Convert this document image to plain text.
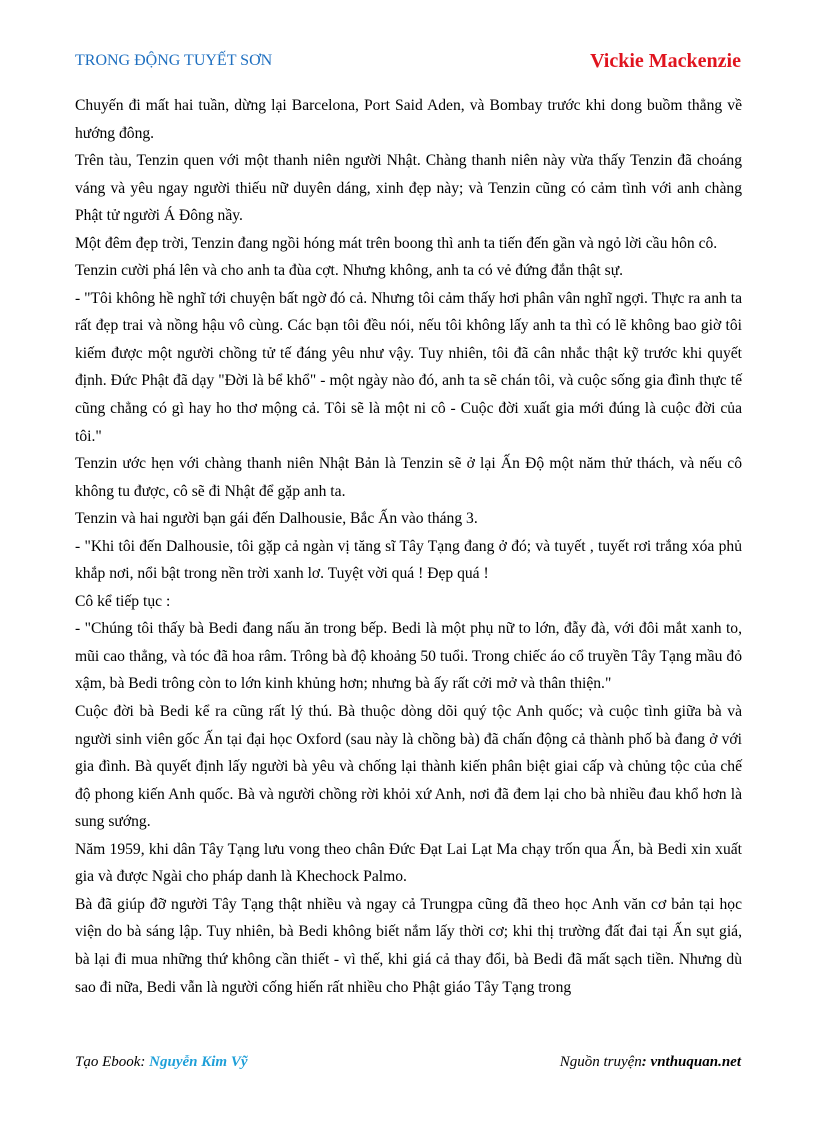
TRONG ĐỘNG TUYẾT SƠN	Vickie Mackenzie

Chuyến đi mất hai tuần, dừng lại Barcelona, Port Said Aden, và Bombay trước khi dong buồm thẳng về hướng đông.

Trên tàu, Tenzin quen với một thanh niên người Nhật. Chàng thanh niên này vừa thấy Tenzin đã choáng váng và yêu ngay người thiếu nữ duyên dáng, xinh đẹp này; và Tenzin cũng có cảm tình với anh chàng Phật tử người Á Đông nầy.

Một đêm đẹp trời, Tenzin đang ngồi hóng mát trên boong thì anh ta tiến đến gần và ngỏ lời cầu hôn cô.

Tenzin cười phá lên và cho anh ta đùa cợt. Nhưng không, anh ta có vẻ đứng đắn thật sự.

- "Tôi không hề nghĩ tới chuyện bất ngờ đó cả. Nhưng tôi cảm thấy hơi phân vân nghĩ ngợi. Thực ra anh ta rất đẹp trai và nồng hậu vô cùng. Các bạn tôi đều nói, nếu tôi không lấy anh ta thì có lẽ không bao giờ tôi kiếm được một người chồng tử tế đáng yêu như vậy. Tuy nhiên, tôi đã cân nhắc thật kỹ trước khi quyết định. Đức Phật đã dạy "Đời là bể khổ" - một ngày nào đó, anh ta sẽ chán tôi, và cuộc sống gia đình thực tế cũng chẳng có gì hay ho thơ mộng cả. Tôi sẽ là một ni cô - Cuộc đời xuất gia mới đúng là cuộc đời của tôi."

Tenzin ước hẹn với chàng thanh niên Nhật Bản là Tenzin sẽ ở lại Ấn Độ một năm thử thách, và nếu cô không tu được, cô sẽ đi Nhật để gặp anh ta.

Tenzin và hai người bạn gái đến Dalhousie, Bắc Ấn vào tháng 3.

- "Khi tôi đến Dalhousie, tôi gặp cả ngàn vị tăng sĩ Tây Tạng đang ở đó; và tuyết , tuyết rơi trắng xóa phủ khắp nơi, nổi bật trong nền trời xanh lơ. Tuyệt vời quá ! Đẹp quá !

Cô kể tiếp tục :

- "Chúng tôi thấy bà Bedi đang nấu ăn trong bếp. Bedi là một phụ nữ to lớn, đẫy đà, với đôi mắt xanh to, mũi cao thẳng, và tóc đã hoa râm. Trông bà độ khoảng 50 tuổi. Trong chiếc áo cổ truyền Tây Tạng mầu đỏ xậm, bà Bedi trông còn to lớn kinh khủng hơn; nhưng bà ấy rất cởi mở và thân thiện."

Cuộc đời bà Bedi kể ra cũng rất lý thú. Bà thuộc dòng dõi quý tộc Anh quốc; và cuộc tình giữa bà và người sinh viên gốc Ấn tại đại học Oxford (sau này là chồng bà) đã chấn động cả thành phố bà đang ở với gia đình. Bà quyết định lấy người bà yêu và chống lại thành kiến phân biệt giai cấp và chủng tộc của chế độ phong kiến Anh quốc. Bà và người chồng rời khỏi xứ Anh, nơi đã đem lại cho bà nhiều đau khổ hơn là sung sướng.

Năm 1959, khi dân Tây Tạng lưu vong theo chân Đức Đạt Lai Lạt Ma chạy trốn qua Ấn, bà Bedi xin xuất gia và được Ngài cho pháp danh là Khechock Palmo.

Bà đã giúp đỡ người Tây Tạng thật nhiều và ngay cả Trungpa cũng đã theo học Anh văn cơ bản tại học viện do bà sáng lập. Tuy nhiên, bà Bedi không biết nắm lấy thời cơ; khi thị trường đất đai tại Ấn sụt giá, bà lại đi mua những thứ không cần thiết - vì thế, khi giá cả thay đổi, bà Bedi đã mất sạch tiền. Nhưng dù sao đi nữa, Bedi vẫn là người cống hiến rất nhiều cho Phật giáo Tây Tạng trong

Tạo Ebook: Nguyễn Kim Vỹ	Nguồn truyện: vnthuquan.net
